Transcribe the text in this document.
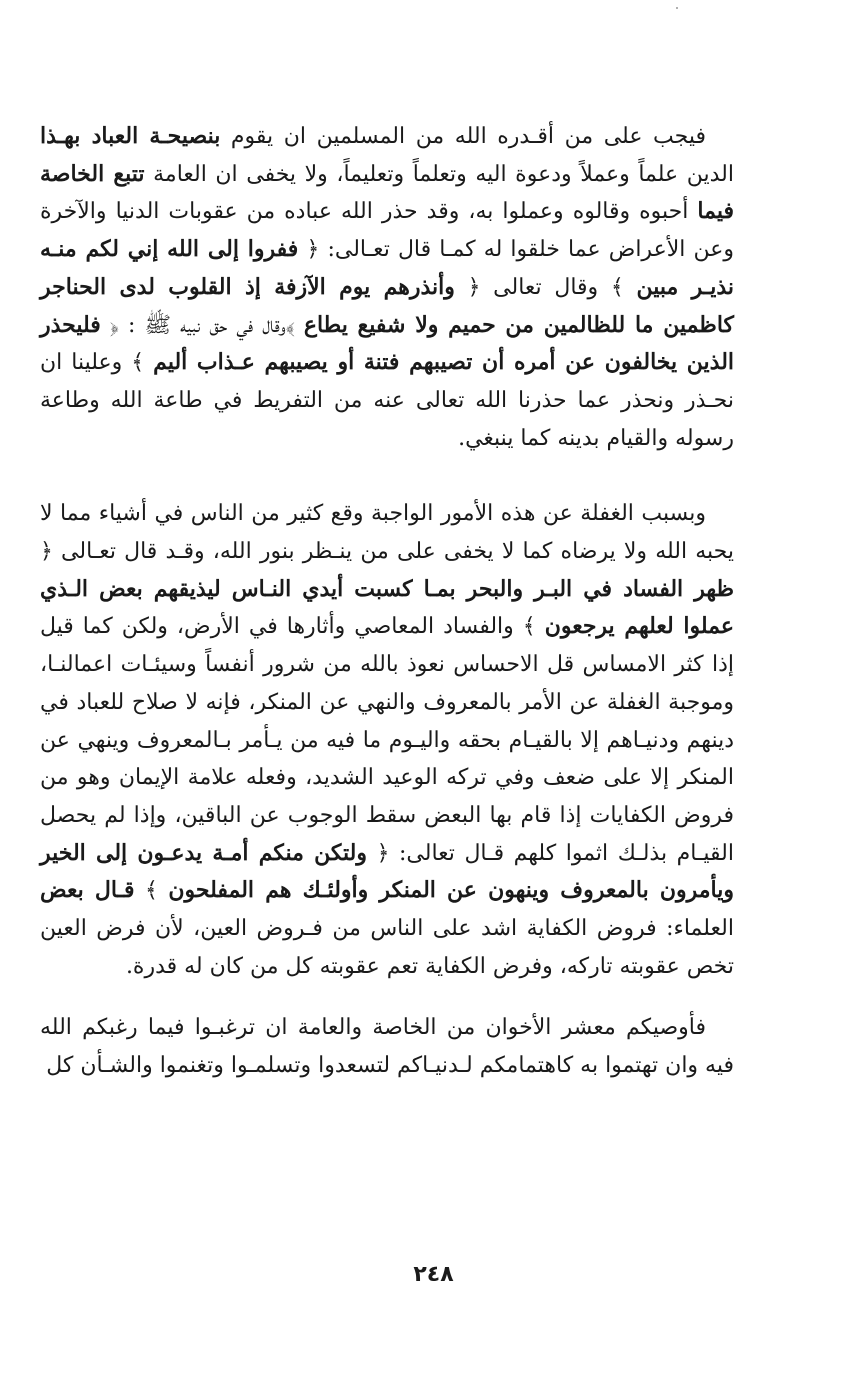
فيجب على من أقـدره الله من المسلمين ان يقوم بنصيحـة العباد بهـذا الدين علماً وعملاً ودعوة اليه وتعلماً وتعليماً، ولا يخفى ان العامة تتبع الخاصة فيما أحبوه وقالوه وعملوا به، وقد حذر الله عباده من عقوبات الدنيا والآخرة وعن الأعراض عما خلقوا له كمـا قال تعـالى: ﴿ ففروا إلى الله إني لكم منـه نذيـر مبين ﴾ وقال تعالى ﴿ وأنذرهم يوم الآزفة إذ القلوب لدى الحناجر كاظمين ما للظالمين من حميم ولا شفيع يطاع ﴾وقال في حق نبيه ﷺ : ﴿ فليحذر الذين يخالفون عن أمره أن تصيبهم فتنة أو يصيبهم عـذاب أليم ﴾ وعلينا ان نحـذر ونحذر عما حذرنا الله تعالى عنه من التفريط في طاعة الله وطاعة رسوله والقيام بدينه كما ينبغي.

وبسبب الغفلة عن هذه الأمور الواجبة وقع كثير من الناس في أشياء مما لا يحبه الله ولا يرضاه كما لا يخفى على من ينـظر بنور الله، وقـد قال تعـالى ﴿ ظهر الفساد في البـر والبحر بمـا كسبت أيدي النـاس ليذيقهم بعض الـذي عملوا لعلهم يرجعون ﴾ والفساد المعاصي وأثارها في الأرض، ولكن كما قيل إذا كثر الامساس قل الاحساس نعوذ بالله من شرور أنفساً وسيئـات اعمالنـا، وموجبة الغفلة عن الأمر بالمعروف والنهي عن المنكر، فإنه لا صلاح للعباد في دينهم ودنيـاهم إلا بالقيـام بحقه واليـوم ما فيه من يـأمر بـالمعروف وينهي عن المنكر إلا على ضعف وفي تركه الوعيد الشديد، وفعله علامة الإيمان وهو من فروض الكفايات إذا قام بها البعض سقط الوجوب عن الباقين، وإذا لم يحصل القيـام بذلـك اثموا كلهم قـال تعالى: ﴿ ولتكن منكم أمـة يدعـون إلى الخير ويأمرون بالمعروف وينهون عن المنكر وأولئـك هم المفلحون ﴾ قـال بعض العلماء: فروض الكفاية اشد على الناس من فـروض العين، لأن فرض العين تخص عقوبته تاركه، وفرض الكفاية تعم عقوبته كل من كان له قدرة.

فأوصيكم معشر الأخوان من الخاصة والعامة ان ترغبـوا فيما رغبكم الله فيه وان تهتموا به كاهتمامكم لـدنيـاكم لتسعدوا وتسلمـوا وتغنموا والشـأن كل

٢٤٨
